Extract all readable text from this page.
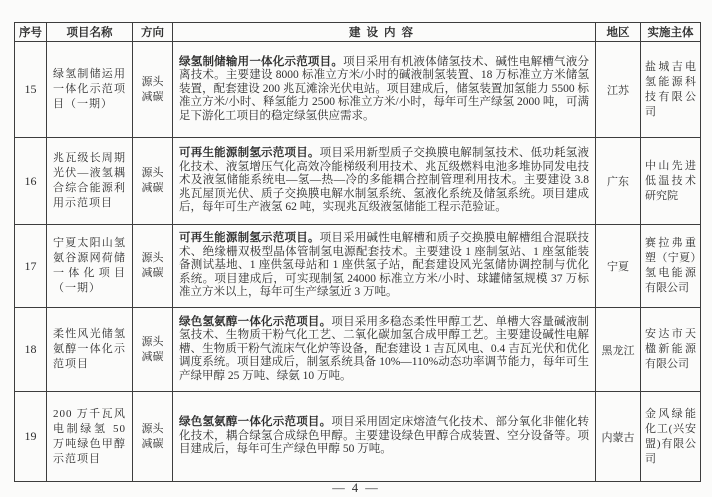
序号	项目名称	方向	建设内容	地区	实施主体
15	绿氢制储运用一体化示范项目（一期）	源头减碳	绿氢制储输用一体化示范项目。项目采用有机液体储氢技术、碱性电解槽气液分离技术。主要建设 8000 标准立方米/小时的碱液制氢装置、18 万标准立方米储氢装置，配套建设 200 兆瓦滩涂光伏电站。项目建成后，储氢装置加氢能力 5500 标准立方米/小时、释氢能力 2500 标准立方米/小时，每年可生产绿氢 2000 吨，可满足下游化工项目的稳定绿氢供应需求。	江苏	盐城吉电氢能源科技有限公司
16	兆瓦级长周期光伏—液氢耦合综合能源利用示范项目	源头减碳	可再生能源制氢示范项目。项目采用新型质子交换膜电解制氢技术、低功耗氢液化技术、液氢增压气化高效冷能梯级利用技术、兆瓦级燃料电池多堆协同发电技术及液氢储能系统电—氢—热—冷的多能耦合控制管理利用技术。主要建设 3.8 兆瓦屋顶光伏、质子交换膜电解水制氢系统、氢液化系统及储氢系统。项目建成后，每年可生产液氢 62 吨，实现兆瓦级液氢储能工程示范验证。	广东	中山先进低温技术研究院
17	宁夏太阳山氢氨谷源网荷储一体化项目（一期）	源头减碳	可再生能源制氢示范项目。项目采用碱性电解槽和质子交换膜电解槽组合混联技术、绝缘栅双极型晶体管制氢电源配套技术。主要建设 1 座制氢站、1 座氢能装备测试基地、1 座供氢母站和 1 座供氢子站，配套建设风光氢储协调控制与优化系统。项目建成后，可实现制氢 24000 标准立方米/小时、球罐储氢规模 37 万标准立方米以上，每年可生产绿氢近 3 万吨。	宁夏	赛拉弗重塑（宁夏）氢电能源有限公司
18	柔性风光储氢氨醇一体化示范项目	源头减碳	绿色氢氨醇一体化示范项目。项目采用多稳态柔性甲醇工艺、单槽大容量碱液制氢技术、生物质干粉气化工艺、二氧化碳加氢合成甲醇工艺。主要建设碱性电解槽、生物质干粉气流床气化炉等设备，配套建设 1 吉瓦风电、0.4 吉瓦光伏和优化调度系统。项目建成后，制氢系统具备 10%—110%动态功率调节能力，每年可生产绿甲醇 25 万吨、绿氨 10 万吨。	黑龙江	安达市天楹新能源有限公司
19	200 万千瓦风电制绿氢 50 万吨绿色甲醇示范项目	源头减碳	绿色氢氨醇一体化示范项目。项目采用固定床熔渣气化技术、部分氧化非催化转化技术，耦合绿氢合成绿色甲醇。主要建设绿色甲醇合成装置、空分设备等。项目建成后，每年可生产绿色甲醇 50 万吨。	内蒙古	金风绿能化工(兴安盟)有限公司
— 4 —
